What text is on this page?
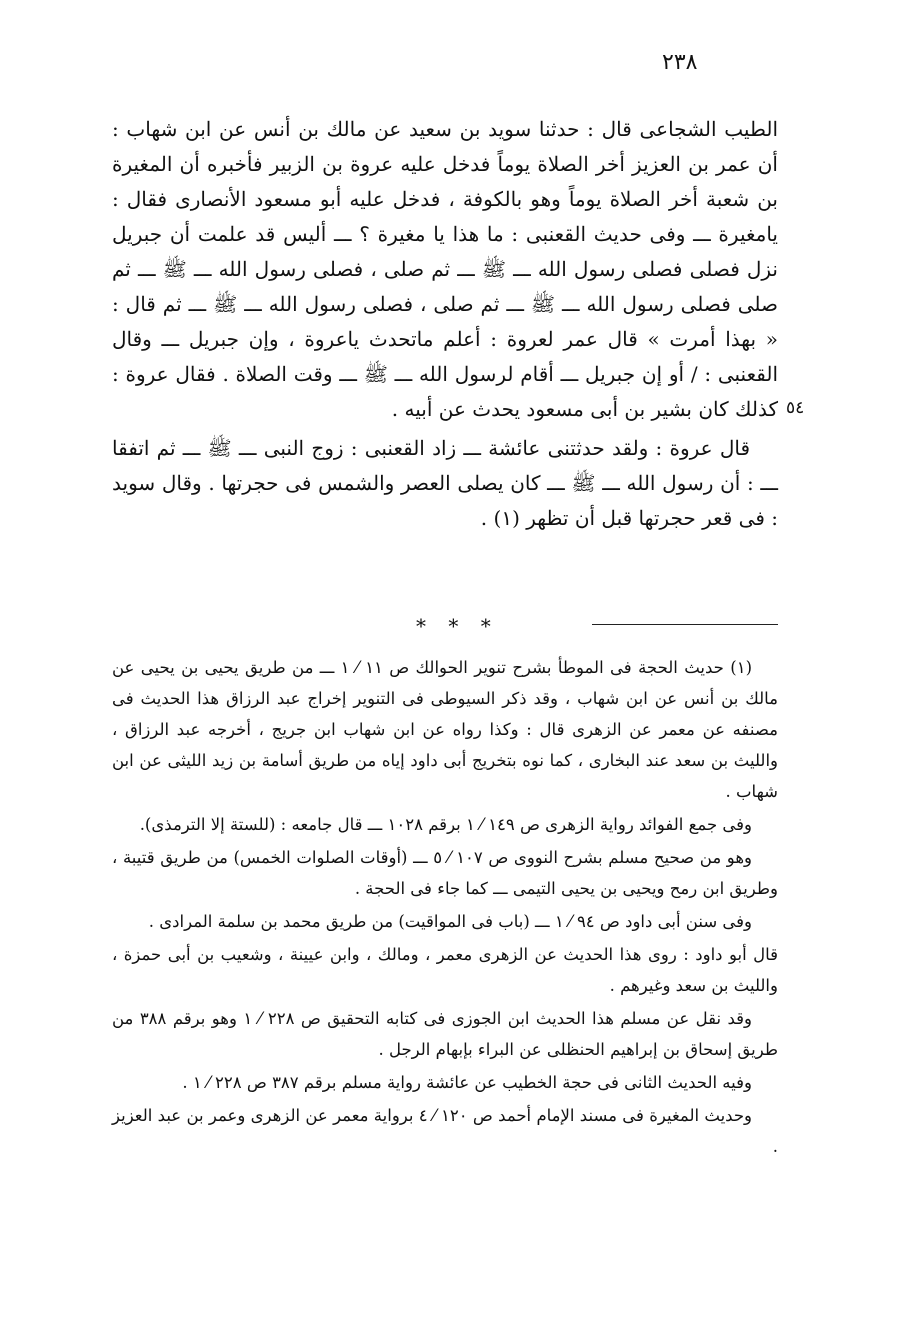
٢٣٨

الطيب الشجاعى قال : حدثنا سويد بن سعيد عن مالك بن أنس عن ابن شهاب : أن عمر بن العزيز أخر الصلاة يوماً فدخل عليه عروة بن الزبير فأخبره أن المغيرة بن شعبة أخر الصلاة يوماً وهو بالكوفة ، فدخل عليه أبو مسعود الأنصارى فقال : يامغيرة ـــ وفى حديث القعنبى : ما هذا يا مغيرة ؟ ـــ أليس قد علمت أن جبريل نزل فصلى فصلى رسول الله ـــ ﷺ ـــ ثم صلى ، فصلى رسول الله ـــ ﷺ ـــ ثم صلى فصلى رسول الله ـــ ﷺ ـــ ثم صلى ، فصلى رسول الله ـــ ﷺ ـــ ثم قال : « بهذا أمرت » قال عمر لعروة : أعلم ماتحدث ياعروة ، وإن جبريل ـــ وقال القعنبى : / أو إن جبريل ـــ أقام لرسول الله ـــ ﷺ ـــ وقت الصلاة . فقال عروة : كذلك كان بشير بن أبى مسعود يحدث عن أبيه .

قال عروة : ولقد حدثتنى عائشة ـــ زاد القعنبى : زوج النبى ـــ ﷺ ـــ ثم اتفقا ـــ : أن رسول الله ـــ ﷺ ـــ كان يصلى العصر والشمس فى حجرتها . وقال سويد : فى قعر حجرتها قبل أن تظهر (١) .

٥٤
* * *

(١) حديث الحجة فى الموطأ بشرح تنوير الحوالك ص ١١ ⁄ ١ ـــ من طريق يحيى بن يحيى عن مالك بن أنس عن ابن شهاب ، وقد ذكر السيوطى فى التنوير إخراج عبد الرزاق هذا الحديث فى مصنفه عن معمر عن الزهرى قال : وكذا رواه عن ابن شهاب ابن جريج ، أخرجه عبد الرزاق ، والليث بن سعد عند البخارى ، كما نوه بتخريج أبى داود إياه من طريق أسامة بن زيد الليثى عن ابن شهاب .

وفى جمع الفوائد رواية الزهرى ص ١٤٩ ⁄ ١ برقم ١٠٢٨ ـــ قال جامعه : (للستة إلا الترمذى).

وهو من صحيح مسلم بشرح النووى ص ١٠٧ ⁄ ٥ ـــ (أوقات الصلوات الخمس) من طريق قتيبة ، وطريق ابن رمح ويحيى بن يحيى التيمى ـــ كما جاء فى الحجة .

وفى سنن أبى داود ص ٩٤ ⁄ ١ ـــ (باب فى المواقيت) من طريق محمد بن سلمة المرادى .

قال أبو داود : روى هذا الحديث عن الزهرى معمر ، ومالك ، وابن عيينة ، وشعيب بن أبى حمزة ، والليث بن سعد وغيرهم .

وقد نقل عن مسلم هذا الحديث ابن الجوزى فى كتابه التحقيق ص ٢٢٨ ⁄ ١ وهو برقم ٣٨٨ من طريق إسحاق بن إبراهيم الحنظلى عن البراء بإبهام الرجل .

وفيه الحديث الثانى فى حجة الخطيب عن عائشة رواية مسلم برقم ٣٨٧ ص ٢٢٨ ⁄ ١ .

وحديث المغيرة فى مسند الإمام أحمد ص ١٢٠ ⁄ ٤ برواية معمر عن الزهرى وعمر بن عبد العزيز .
